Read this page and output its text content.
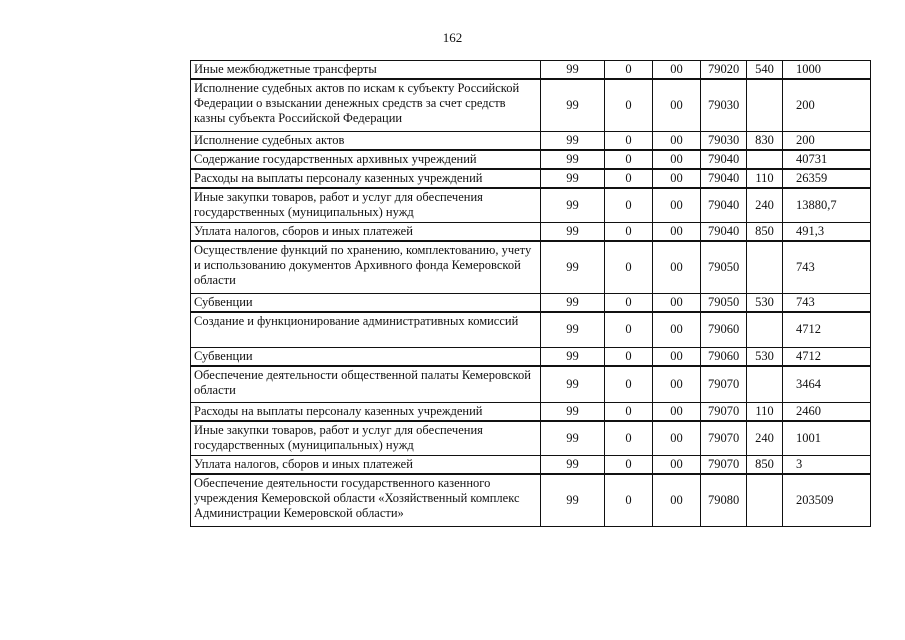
162
Иные межбюджетные трансферты	99	0	00	79020	540	1000
Исполнение судебных актов по искам к субъекту Российской Федерации о взыскании денежных средств за счет средств казны субъекта Российской Федерации	99	0	00	79030		200
Исполнение судебных актов	99	0	00	79030	830	200
Содержание государственных архивных учреждений	99	0	00	79040		40731
Расходы на выплаты персоналу казенных учреждений	99	0	00	79040	110	26359
Иные закупки товаров, работ и услуг для обеспечения государственных (муниципальных) нужд	99	0	00	79040	240	13880,7
Уплата налогов, сборов и иных платежей	99	0	00	79040	850	491,3
Осуществление функций по хранению, комплектованию, учету и использованию документов Архивного фонда Кемеровской области	99	0	00	79050		743
Субвенции	99	0	00	79050	530	743
Создание и функционирование административных комиссий	99	0	00	79060		4712
Субвенции	99	0	00	79060	530	4712
Обеспечение деятельности общественной палаты Кемеровской области	99	0	00	79070		3464
Расходы на выплаты персоналу казенных учреждений	99	0	00	79070	110	2460
Иные закупки товаров, работ и услуг для обеспечения государственных (муниципальных) нужд	99	0	00	79070	240	1001
Уплата налогов, сборов и иных платежей	99	0	00	79070	850	3
Обеспечение деятельности государственного казенного учреждения Кемеровской области «Хозяйственный комплекс Администрации Кемеровской области»	99	0	00	79080		203509
